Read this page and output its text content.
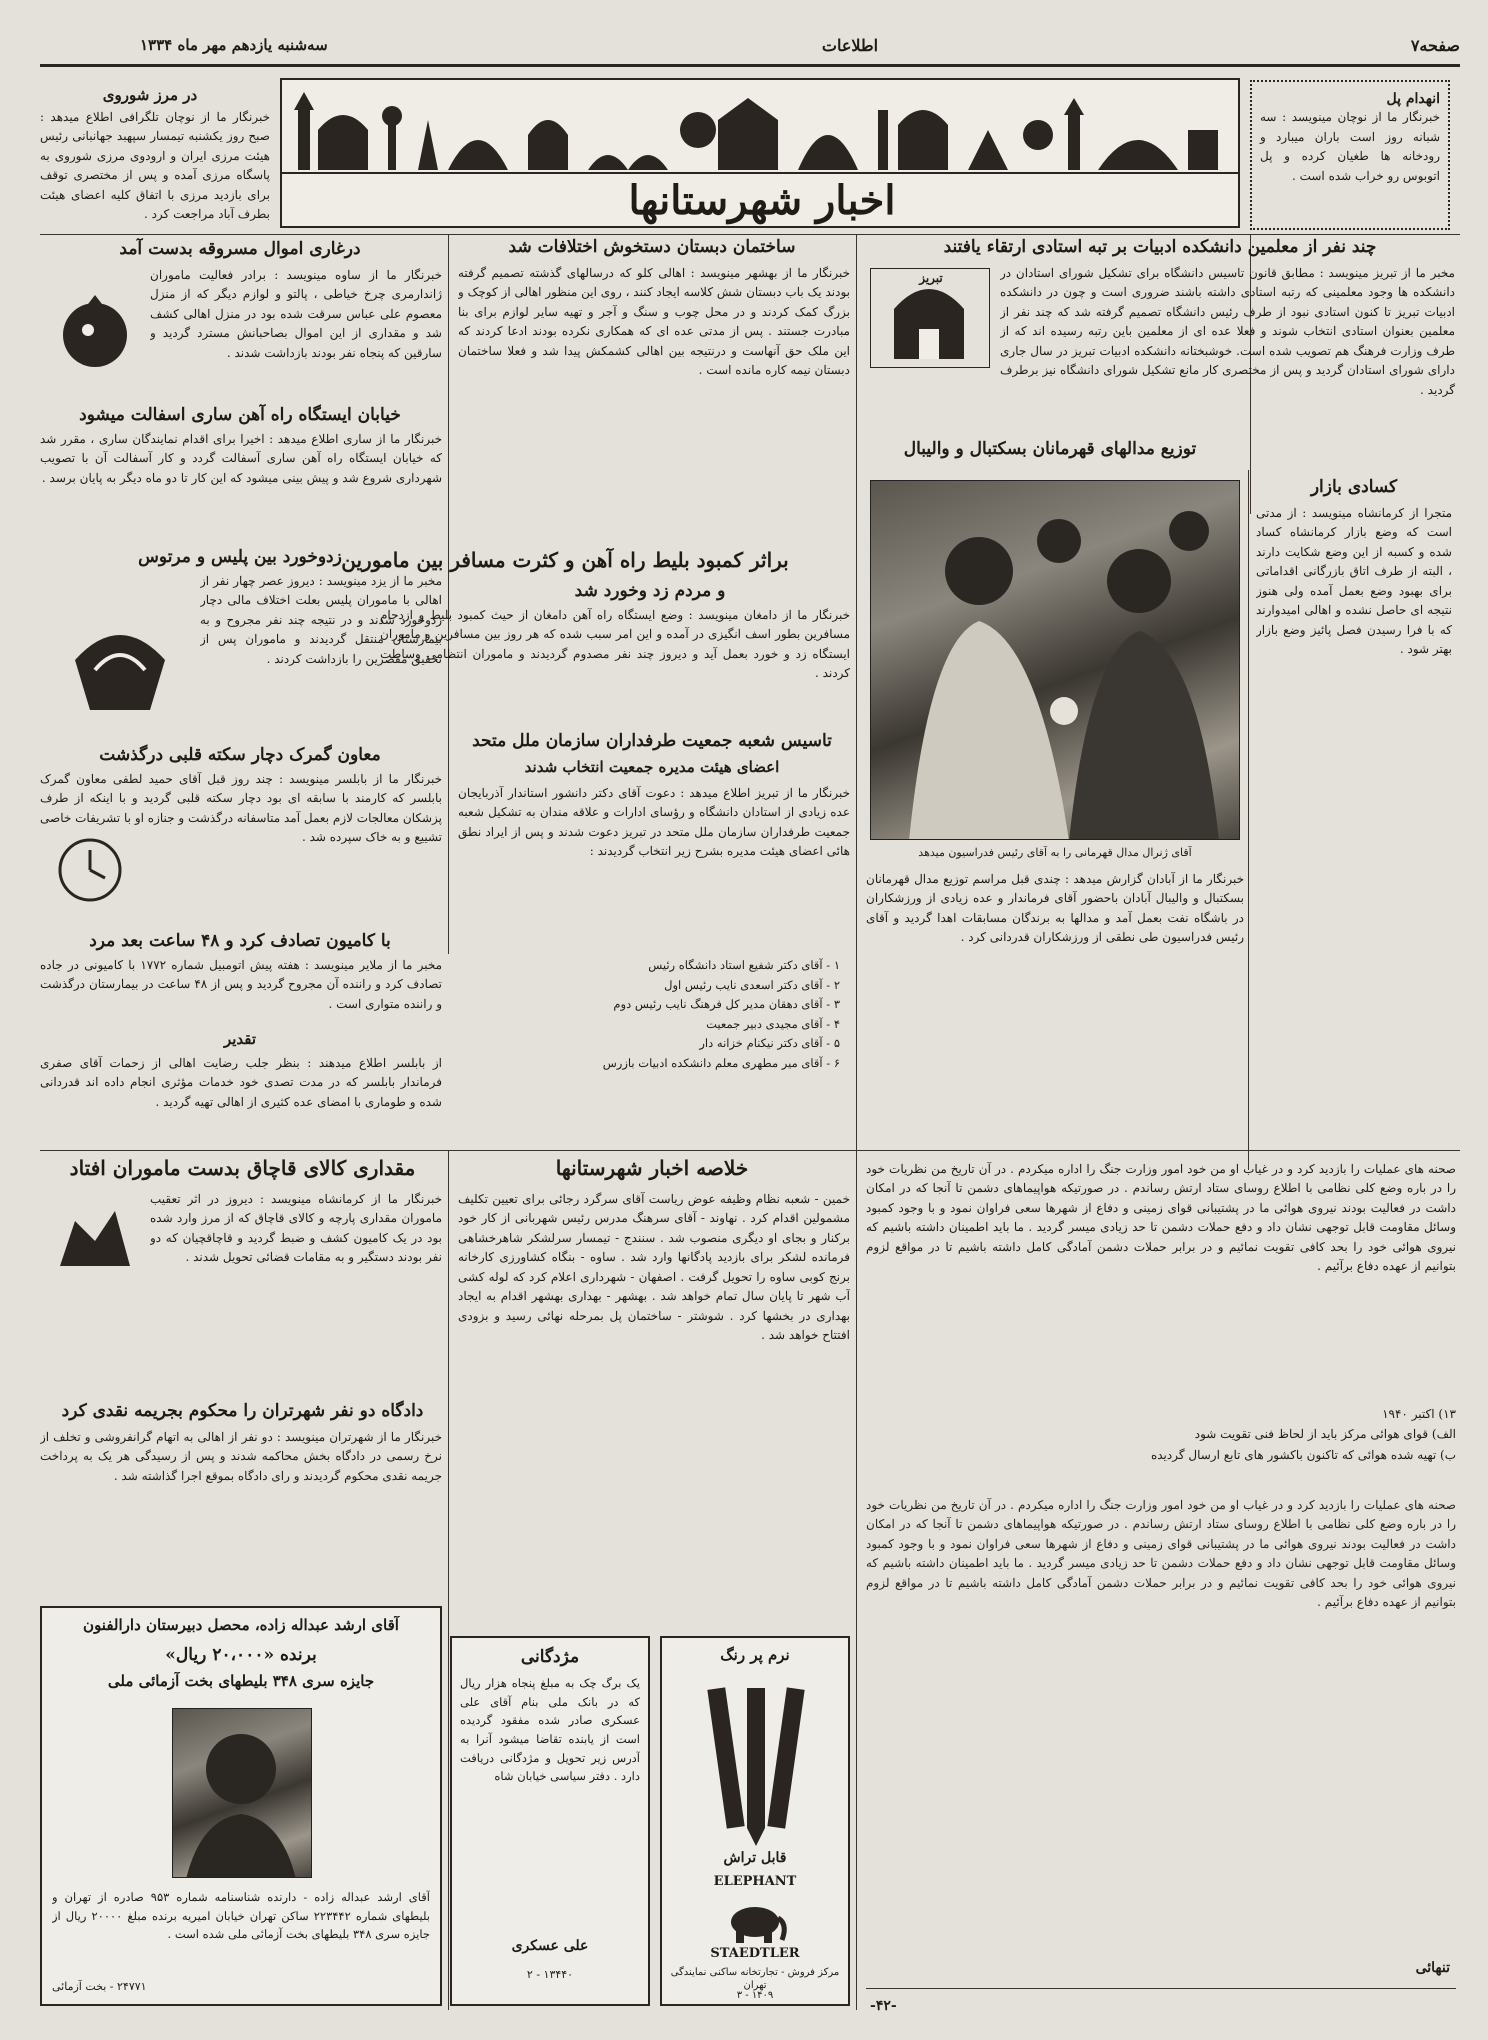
صفحه۷
اطلاعات
سه‌شنبه یازدهم مهر ماه ۱۳۳۴
اخبار شهرستانها
در مرز شوروی
خبرنگار ما از نوچان تلگرافی اطلاع میدهد : صبح روز یکشنبه تیمسار سپهبد جهانبانی رئیس هیئت مرزی ایران و ارودوی مرزی شوروی به پاسگاه مرزی آمده و پس از مختصری توقف برای بازدید مرزی با اتفاق کلیه اعضای هیئت بطرف آباد مراجعت کرد .
انهدام پل
خبرنگار ما از نوچان مینویسد : سه شبانه روز است باران میبارد و رودخانه ها طغیان کرده و پل اتوبوس رو خراب شده است .
چند نفر از معلمین دانشکده ادبیات بر تبه استادی ارتقاء یافتند
مخبر ما از تبریز مینویسد : مطابق قانون تاسیس دانشگاه برای تشکیل شورای استادان در دانشکده ها وجود معلمینی که رتبه استادی داشته باشند ضروری است و چون در دانشکده ادبیات تبریز تا کنون استادی نبود از طرف رئیس دانشگاه تصمیم گرفته شد که چند نفر از معلمین بعنوان استادی انتخاب شوند و فعلا عده ای از معلمین باین رتبه رسیده اند که از طرف وزارت فرهنگ هم تصویب شده است. خوشبختانه دانشکده ادبیات تبریز در سال جاری دارای شورای استادان گردید و پس از مختصری کار مانع تشکیل شورای دانشگاه نیز برطرف گردید .
تبریز
ساختمان دبستان دستخوش اختلافات شد
خبرنگار ما از بهشهر مینویسد : اهالی کلو که درسالهای گذشته تصمیم گرفته بودند یک باب دبستان شش کلاسه ایجاد کنند ، روی این منظور اهالی از کوچک و بزرگ کمک کردند و در محل چوب و سنگ و آجر و تهیه سایر لوازم برای بنا مبادرت جستند . پس از مدتی عده ای که همکاری نکرده بودند ادعا کردند که این ملک حق آنهاست و درنتیجه بین اهالی کشمکش پیدا شد و فعلا ساختمان دبستان نیمه کاره مانده است .
درغاری اموال مسروقه بدست آمد
خبرنگار ما از ساوه مینویسد : برادر فعالیت ماموران ژاندارمری چرخ خیاطی ، پالتو و لوازم دیگر که از منزل معصوم علی عباس سرقت شده بود در منزل اهالی کشف شد و مقداری از این اموال بصاحبانش مسترد گردید و سارقین که پنجاه نفر بودند بازداشت شدند .
خیابان ایستگاه راه آهن ساری اسفالت میشود
خبرنگار ما از ساری اطلاع میدهد : اخیرا برای اقدام نمایندگان ساری ، مقرر شد که خیابان ایستگاه راه آهن ساری آسفالت گردد و کار آسفالت آن با تصویب شهرداری شروع شد و پیش بینی میشود که این کار تا دو ماه دیگر به پایان برسد .
زدوخورد بین پلیس و مرتوس
مخبر ما از یزد مینویسد : دیروز عصر چهار نفر از اهالی با ماموران پلیس بعلت اختلاف مالی دچار زدوخورد شدند و در نتیجه چند نفر مجروح و به بیمارستان منتقل گردیدند و ماموران پس از تحقیق مقصرین را بازداشت کردند .
براثر کمبود بلیط راه آهن و کثرت مسافر بین مامورین
و مردم زد وخورد شد
خبرنگار ما از دامغان مینویسد : وضع ایستگاه راه آهن دامغان از حیث کمبود بلیط و ازدحام مسافرین بطور اسف انگیزی در آمده و این امر سبب شده که هر روز بین مسافرین و ماموران ایستگاه زد و خورد بعمل آید و دیروز چند نفر مصدوم گردیدند و ماموران انتظامی وساطت کردند .
معاون گمرک دچار سکته قلبی درگذشت
خبرنگار ما از بابلسر مینویسد : چند روز قبل آقای حمید لطفی معاون گمرک بابلسر که کارمند با سابقه ای بود دچار سکته قلبی گردید و با اینکه از طرف پزشکان معالجات لازم بعمل آمد متاسفانه درگذشت و جنازه او با تشریفات خاصی تشییع و به خاک سپرده شد .
تاسیس شعبه جمعیت طرفداران سازمان ملل متحد
اعضای هیئت مدیره جمعیت انتخاب شدند
خبرنگار ما از تبریز اطلاع میدهد : دعوت آقای دکتر دانشور استاندار آذربایجان عده زیادی از استادان دانشگاه و رؤسای ادارات و علاقه مندان به تشکیل شعبه جمعیت طرفداران سازمان ملل متحد در تبریز دعوت شدند و پس از ایراد نطق هائی اعضای هیئت مدیره بشرح زیر انتخاب گردیدند :
۱ - آقای دکتر شفیع استاد دانشگاه رئیس
۲ - آقای دکتر اسعدی نایب رئیس اول
۳ - آقای دهقان مدیر کل فرهنگ نایب رئیس دوم
۴ - آقای مجیدی دبیر جمعیت
۵ - آقای دکتر نیکنام خزانه دار
۶ - آقای میر مطهری معلم دانشکده ادبیات بازرس
توزیع مدالهای قهرمانان بسکتبال و والیبال
آقای ژنرال مدال قهرمانی را به آقای رئیس فدراسیون میدهد
خبرنگار ما از آبادان گزارش میدهد : چندی قبل مراسم توزیع مدال قهرمانان بسکتبال و والیبال آبادان باحضور آقای فرماندار و عده زیادی از ورزشکاران در باشگاه نفت بعمل آمد و مدالها به برندگان مسابقات اهدا گردید و آقای رئیس فدراسیون طی نطقی از ورزشکاران قدردانی کرد .
کسادی بازار
متجرا از کرمانشاه مینویسد : از مدتی است که وضع بازار کرمانشاه کساد شده و کسبه از این وضع شکایت دارند ، البته از طرف اتاق بازرگانی اقداماتی برای بهبود وضع بعمل آمده ولی هنوز نتیجه ای حاصل نشده و اهالی امیدوارند که با فرا رسیدن فصل پائیز وضع بازار بهتر شود .
با کامیون تصادف کرد و ۴۸ ساعت بعد مرد
مخبر ما از ملایر مینویسد : هفته پیش اتومبیل شماره ۱۷۷۲ با کامیونی در جاده تصادف کرد و راننده آن مجروح گردید و پس از ۴۸ ساعت در بیمارستان درگذشت و راننده متواری است .
تقدیر
از بابلسر اطلاع میدهند : بنظر جلب رضایت اهالی از زحمات آقای صفری فرماندار بابلسر که در مدت تصدی خود خدمات مؤثری انجام داده اند قدردانی شده و طوماری با امضای عده کثیری از اهالی تهیه گردید .
مقداری کالای قاچاق بدست ماموران افتاد
خبرنگار ما از کرمانشاه مینویسد : دیروز در اثر تعقیب ماموران مقداری پارچه و کالای قاچاق که از مرز وارد شده بود در یک کامیون کشف و ضبط گردید و قاچاقچیان که دو نفر بودند دستگیر و به مقامات قضائی تحویل شدند .
دادگاه دو نفر شهرتران را محکوم بجریمه نقدی کرد
خبرنگار ما از شهرتران مینویسد : دو نفر از اهالی به اتهام گرانفروشی و تخلف از نرخ رسمی در دادگاه بخش محاکمه شدند و پس از رسیدگی هر یک به پرداخت جریمه نقدی محکوم گردیدند و رای دادگاه بموقع اجرا گذاشته شد .
آقای ارشد عبداله زاده، محصل دبیرستان دارالفنون
برنده «۲۰،۰۰۰ ریال»
جایزه سری ۳۴۸ بلیطهای بخت آزمائی ملی
آقای ارشد عبداله زاده - دارنده شناسنامه شماره ۹۵۳ صادره از تهران و بلیطهای شماره ۲۲۳۴۴۲ ساکن تهران خیابان امیریه برنده مبلغ ۲۰۰۰۰ ریال از جایزه سری ۳۴۸ بلیطهای بخت آزمائی ملی شده است .
۲۴۷۷۱ - بخت آزمائی
خلاصه اخبار شهرستانها
خمین - شعبه نظام وظیفه عوض ریاست آقای سرگرد رجائی برای تعیین تکلیف مشمولین اقدام کرد . نهاوند - آقای سرهنگ مدرس رئیس شهربانی از کار خود برکنار و بجای او دیگری منصوب شد . سنندج - تیمسار سرلشکر شاهرخشاهی فرمانده لشکر برای بازدید پادگانها وارد شد . ساوه - بنگاه کشاورزی کارخانه برنج کوبی ساوه را تحویل گرفت . اصفهان - شهرداری اعلام کرد که لوله کشی آب شهر تا پایان سال تمام خواهد شد . بهشهر - بهداری بهشهر اقدام به ایجاد بهداری در بخشها کرد . شوشتر - ساختمان پل بمرحله نهائی رسید و بزودی افتتاح خواهد شد .
مژدگانی
یک برگ چک به مبلغ پنجاه هزار ریال که در بانک ملی بنام آقای علی عسکری صادر شده مفقود گردیده است از یابنده تقاضا میشود آنرا به آدرس زیر تحویل و مژدگانی دریافت دارد . دفتر سیاسی خیابان شاه
علی عسکری
۱۳۴۴۰ - ۲
نرم پر رنگ
قابل تراش
ELEPHANT
STAEDTLER
مرکز فروش - تجارتخانه ساکنی نمایندگی تهران
۱۴۰۹ - ۳
صحنه های عملیات را بازدید کرد و در غیاب او من خود امور وزارت جنگ را اداره میکردم . در آن تاریخ من نظریات خود را در باره وضع کلی نظامی با اطلاع روسای ستاد ارتش رساندم . در صورتیکه هواپیماهای دشمن تا آنجا که در امکان داشت در فعالیت بودند نیروی هوائی ما در پشتیبانی قوای زمینی و دفاع از شهرها سعی فراوان نمود و با وجود کمبود وسائل مقاومت قابل توجهی نشان داد و دفع حملات دشمن تا حد زیادی میسر گردید . ما باید اطمینان داشته باشیم که نیروی هوائی خود را بحد کافی تقویت نمائیم و در برابر حملات دشمن آمادگی کامل داشته باشیم تا در مواقع لزوم بتوانیم از عهده دفاع برآئیم .
۱۳) اکتبر ۱۹۴۰
الف) قوای هوائی مرکز باید از لحاظ فنی تقویت شود
ب) تهیه شده هوائی که تاکنون باکشور های تابع ارسال گردیده
صحنه های عملیات را بازدید کرد و در غیاب او من خود امور وزارت جنگ را اداره میکردم . در آن تاریخ من نظریات خود را در باره وضع کلی نظامی با اطلاع روسای ستاد ارتش رساندم . در صورتیکه هواپیماهای دشمن تا آنجا که در امکان داشت در فعالیت بودند نیروی هوائی ما در پشتیبانی قوای زمینی و دفاع از شهرها سعی فراوان نمود و با وجود کمبود وسائل مقاومت قابل توجهی نشان داد و دفع حملات دشمن تا حد زیادی میسر گردید . ما باید اطمینان داشته باشیم که نیروی هوائی خود را بحد کافی تقویت نمائیم و در برابر حملات دشمن آمادگی کامل داشته باشیم تا در مواقع لزوم بتوانیم از عهده دفاع برآئیم .
تنهائی
-۴۲-
